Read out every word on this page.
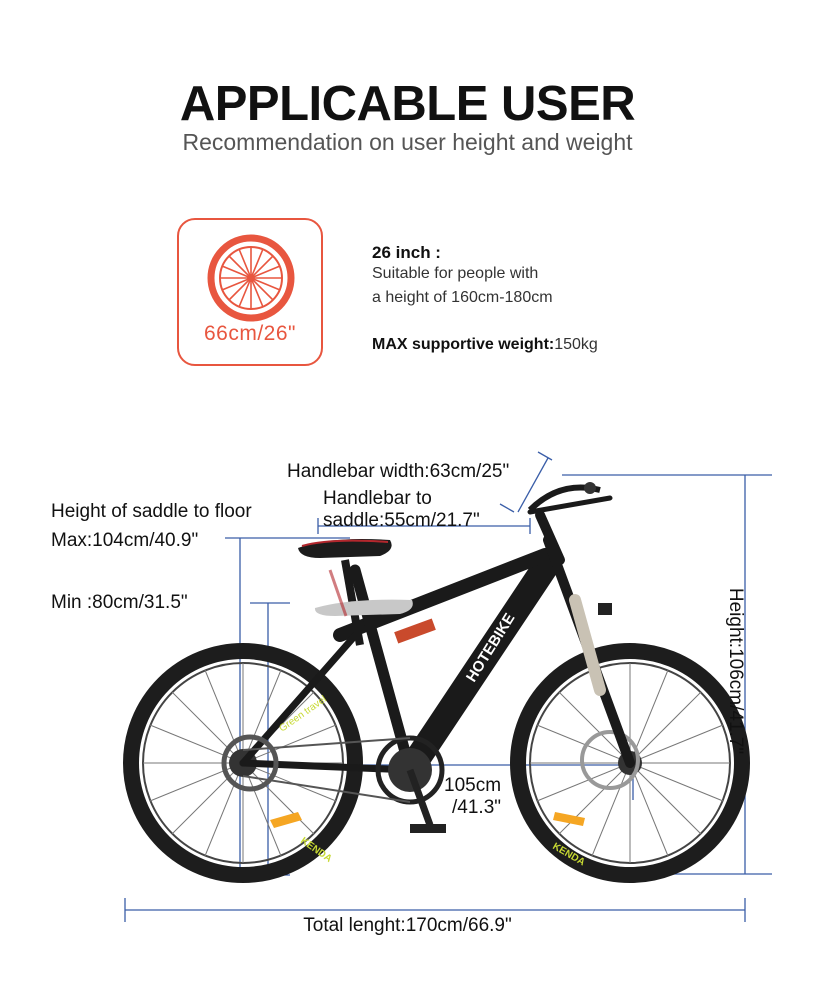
APPLICABLE USER
Recommendation on user height and weight
66cm/26"
26 inch :
Suitable for people with
a height of 160cm-180cm
MAX supportive weight:150kg
HOTEBIKE
Green travel
KENDA	KENDA
Handlebar width:63cm/25"
Handlebar to
saddle:55cm/21.7"
Height of saddle to floor
Max:104cm/40.9"
Min :80cm/31.5"
105cm
/41.3"
Height:106cm/41.7"
Total lenght:170cm/66.9"
